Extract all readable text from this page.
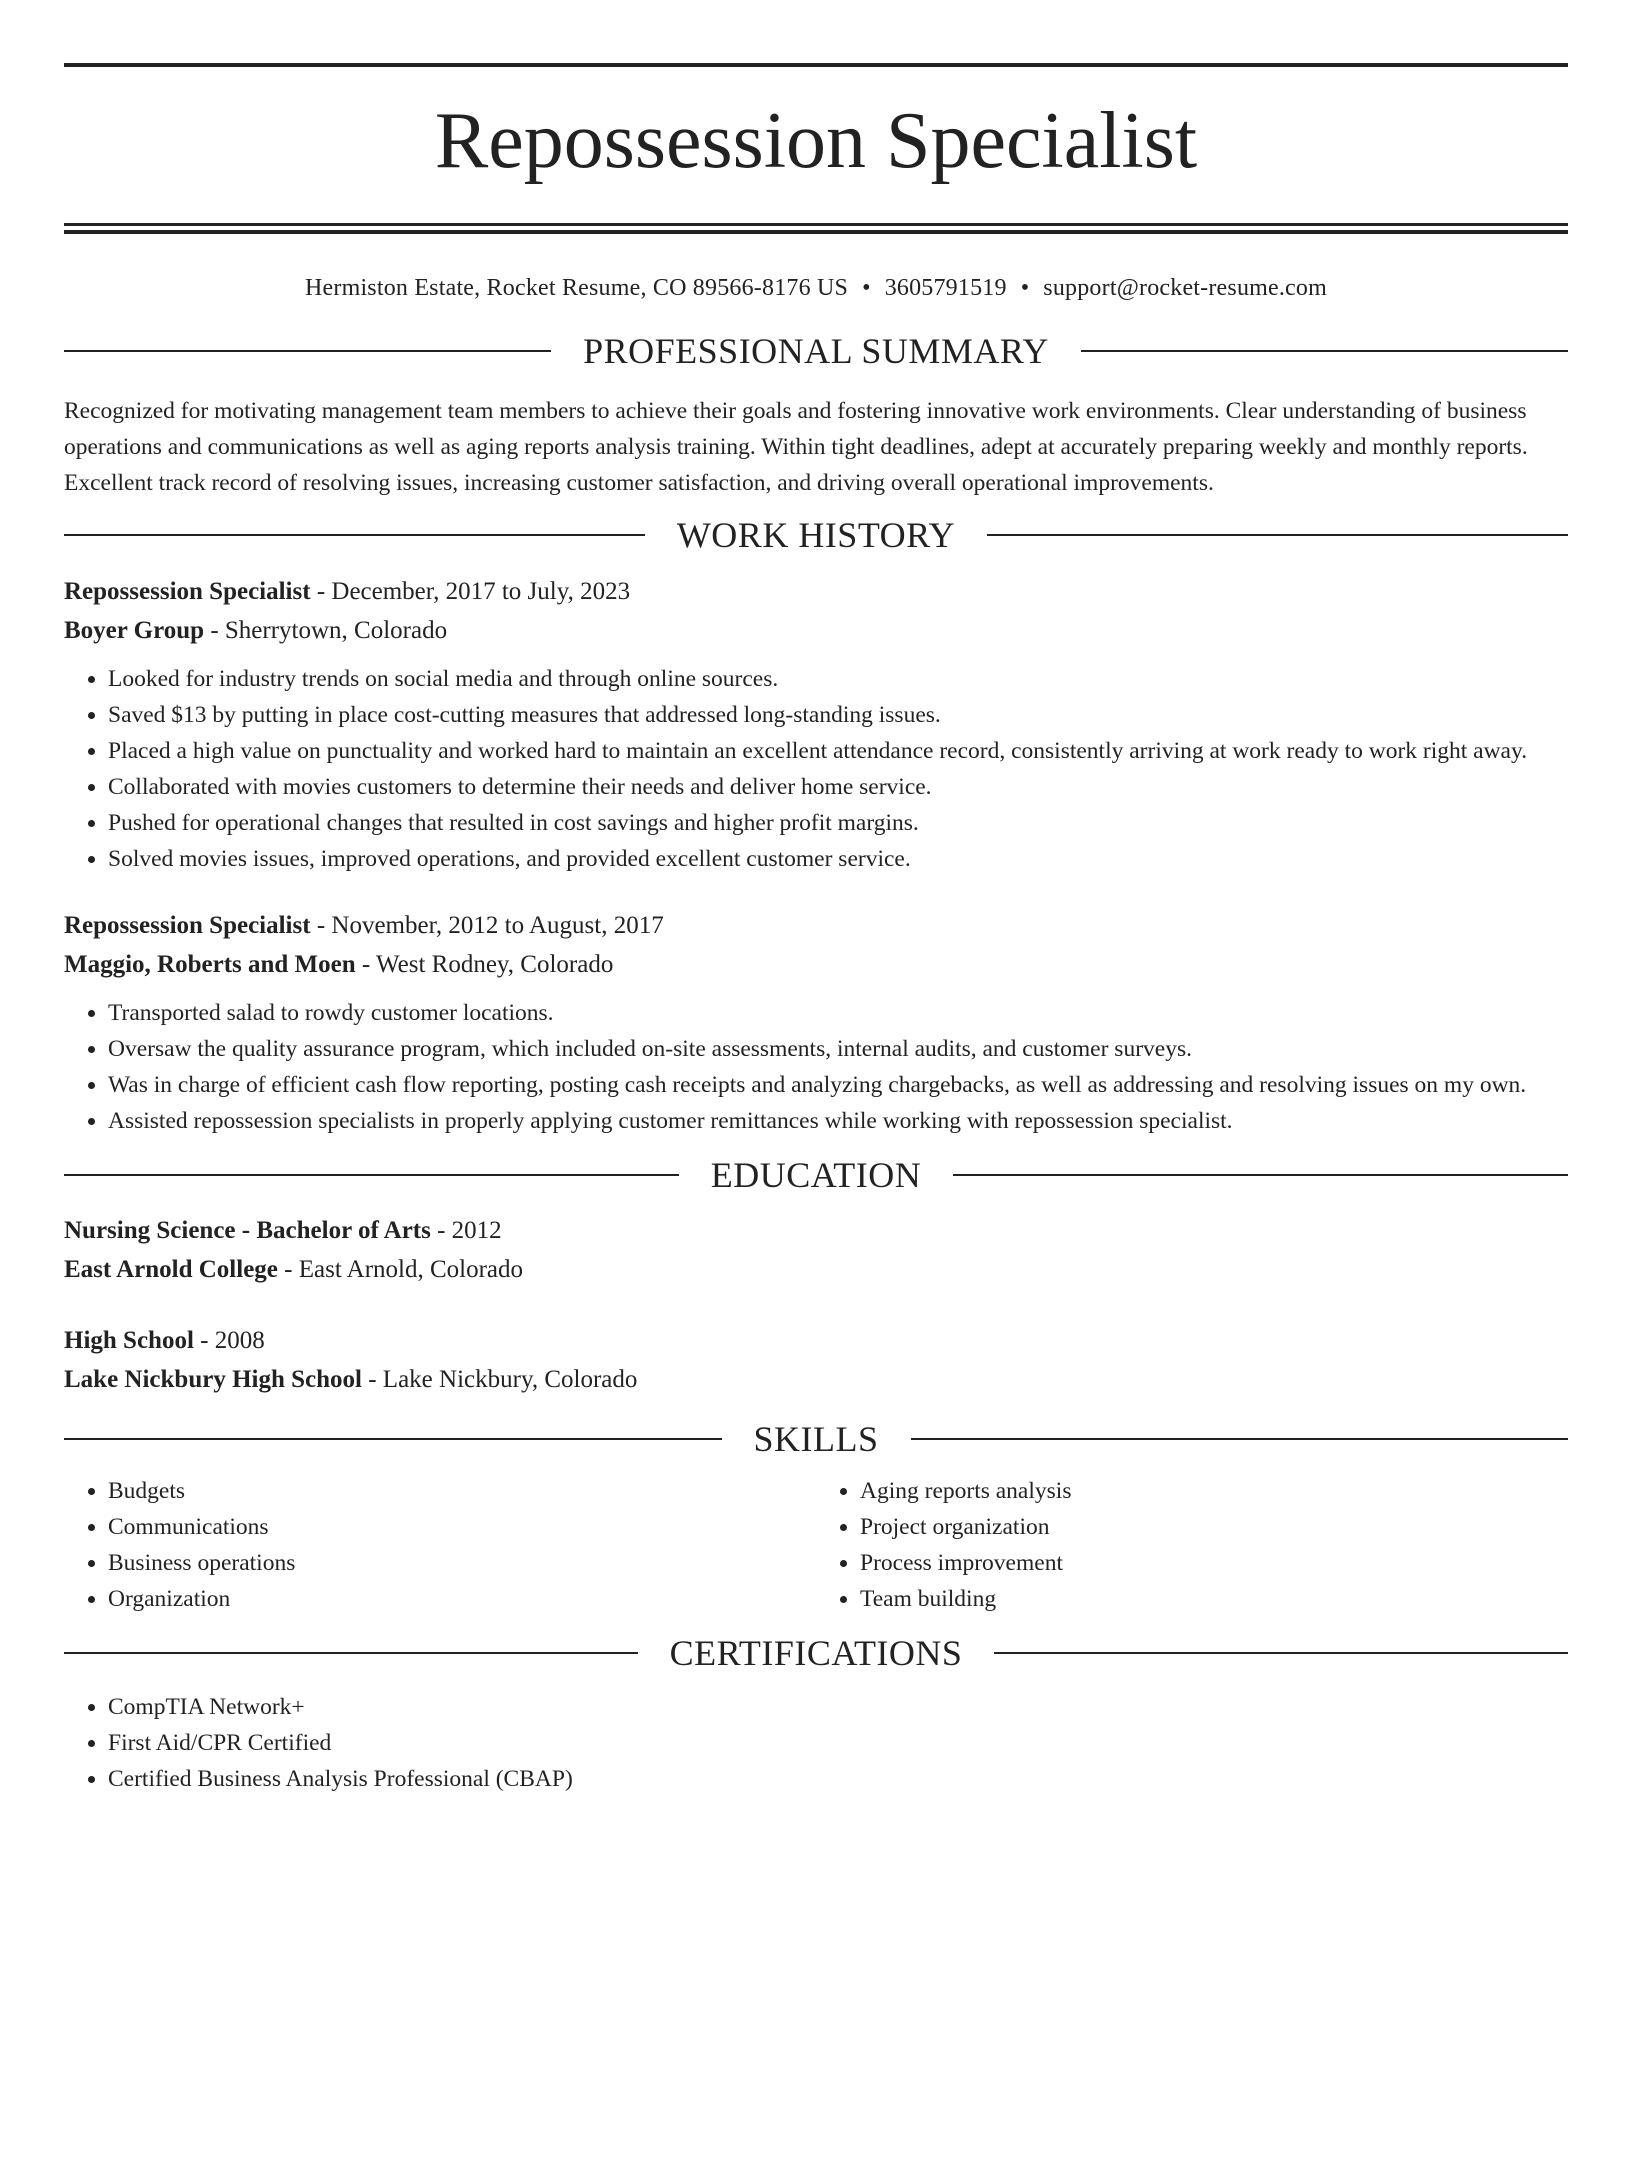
Repossession Specialist
Hermiston Estate, Rocket Resume, CO 89566-8176 US • 3605791519 • support@rocket-resume.com
PROFESSIONAL SUMMARY
Recognized for motivating management team members to achieve their goals and fostering innovative work environments. Clear understanding of business operations and communications as well as aging reports analysis training. Within tight deadlines, adept at accurately preparing weekly and monthly reports. Excellent track record of resolving issues, increasing customer satisfaction, and driving overall operational improvements.
WORK HISTORY
Repossession Specialist - December, 2017 to July, 2023
Boyer Group - Sherrytown, Colorado
• Looked for industry trends on social media and through online sources.
• Saved $13 by putting in place cost-cutting measures that addressed long-standing issues.
• Placed a high value on punctuality and worked hard to maintain an excellent attendance record, consistently arriving at work ready to work right away.
• Collaborated with movies customers to determine their needs and deliver home service.
• Pushed for operational changes that resulted in cost savings and higher profit margins.
• Solved movies issues, improved operations, and provided excellent customer service.
Repossession Specialist - November, 2012 to August, 2017
Maggio, Roberts and Moen - West Rodney, Colorado
• Transported salad to rowdy customer locations.
• Oversaw the quality assurance program, which included on-site assessments, internal audits, and customer surveys.
• Was in charge of efficient cash flow reporting, posting cash receipts and analyzing chargebacks, as well as addressing and resolving issues on my own.
• Assisted repossession specialists in properly applying customer remittances while working with repossession specialist.
EDUCATION
Nursing Science - Bachelor of Arts - 2012
East Arnold College - East Arnold, Colorado
High School - 2008
Lake Nickbury High School - Lake Nickbury, Colorado
SKILLS
• Budgets
• Communications
• Business operations
• Organization
• Aging reports analysis
• Project organization
• Process improvement
• Team building
CERTIFICATIONS
• CompTIA Network+
• First Aid/CPR Certified
• Certified Business Analysis Professional (CBAP)
